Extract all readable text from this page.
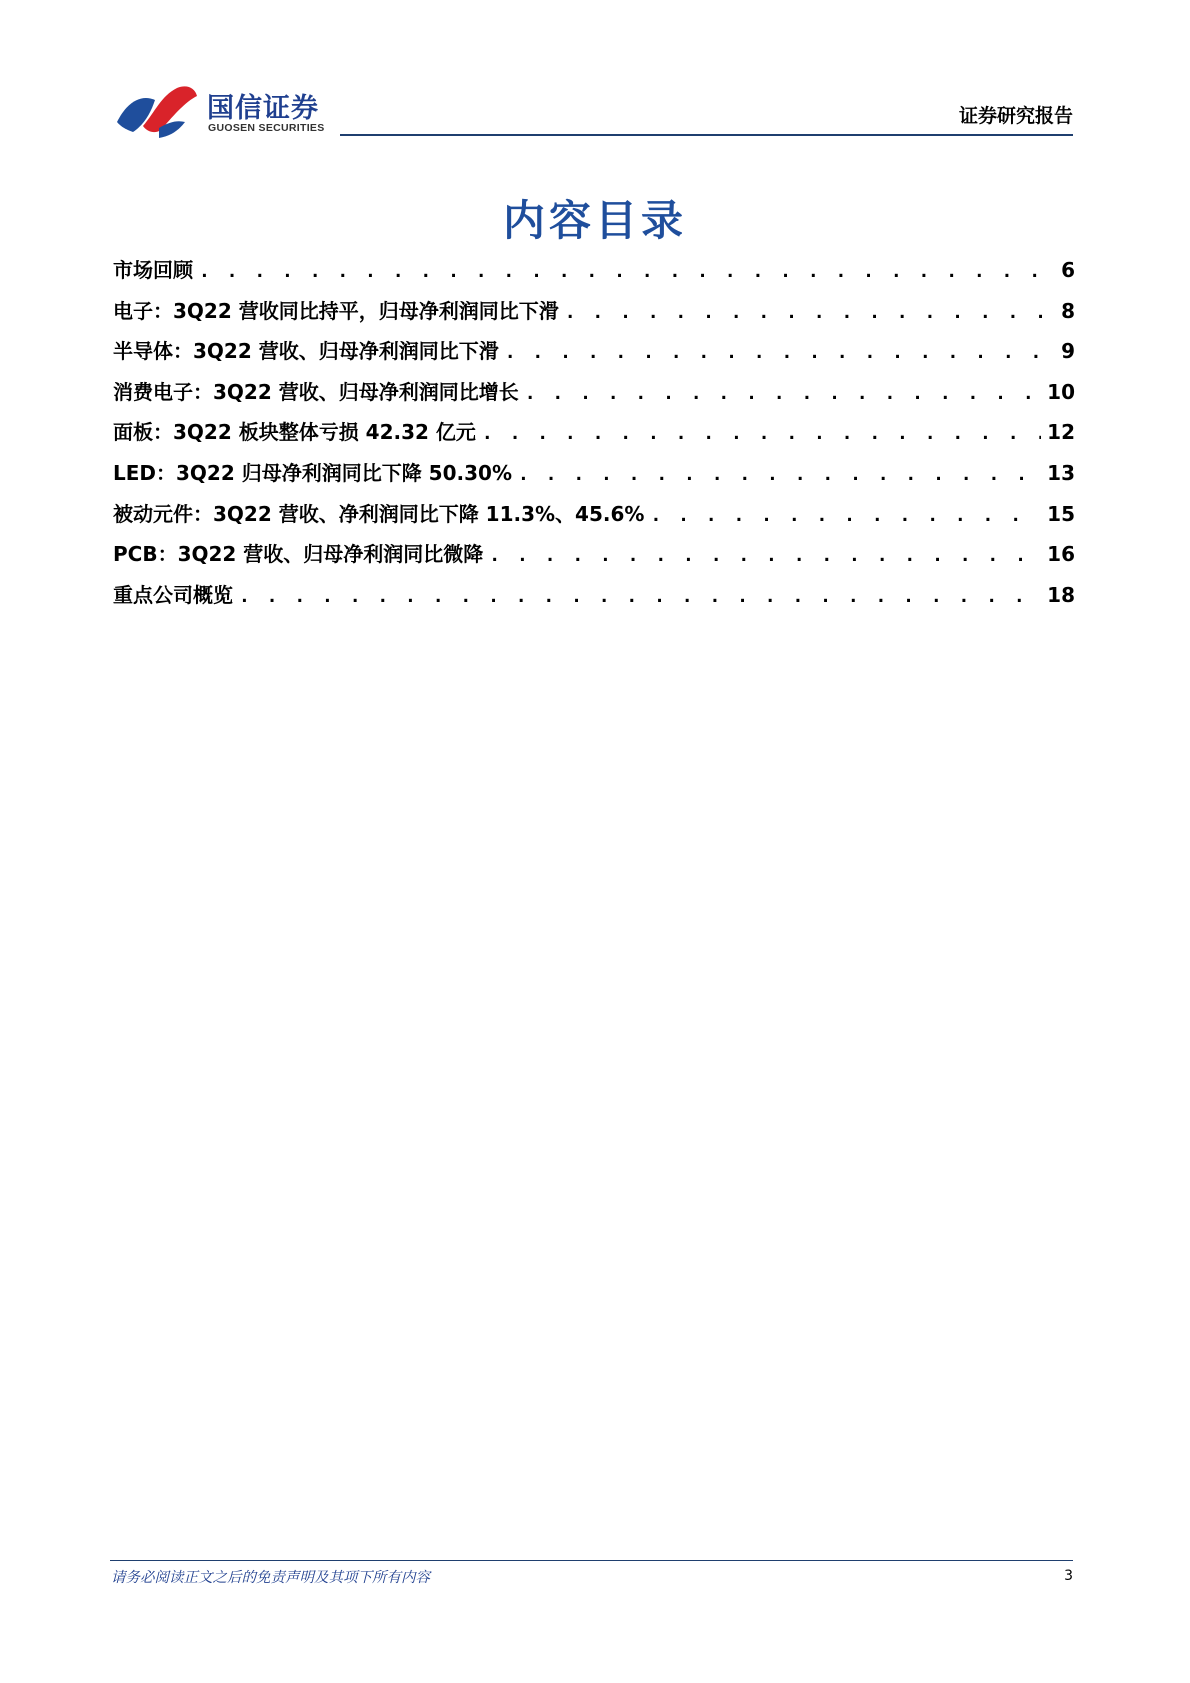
国信证券
GUOSEN SECURITIES
证券研究报告
内容目录
市场回顾 . . .	6
电子：3Q22 营收同比持平，归母净利润同比下滑 . . .	8
半导体：3Q22 营收、归母净利润同比下滑 . . .	9
消费电子：3Q22 营收、归母净利润同比增长 . . .	10
面板：3Q22 板块整体亏损 42.32 亿元 . . .	12
LED：3Q22 归母净利润同比下降 50.30% . . .	13
被动元件：3Q22 营收、净利润同比下降 11.3%、45.6% . . .	15
PCB：3Q22 营收、归母净利润同比微降 . . .	16
重点公司概览 . . .	18
请务必阅读正文之后的免责声明及其项下所有内容	3
